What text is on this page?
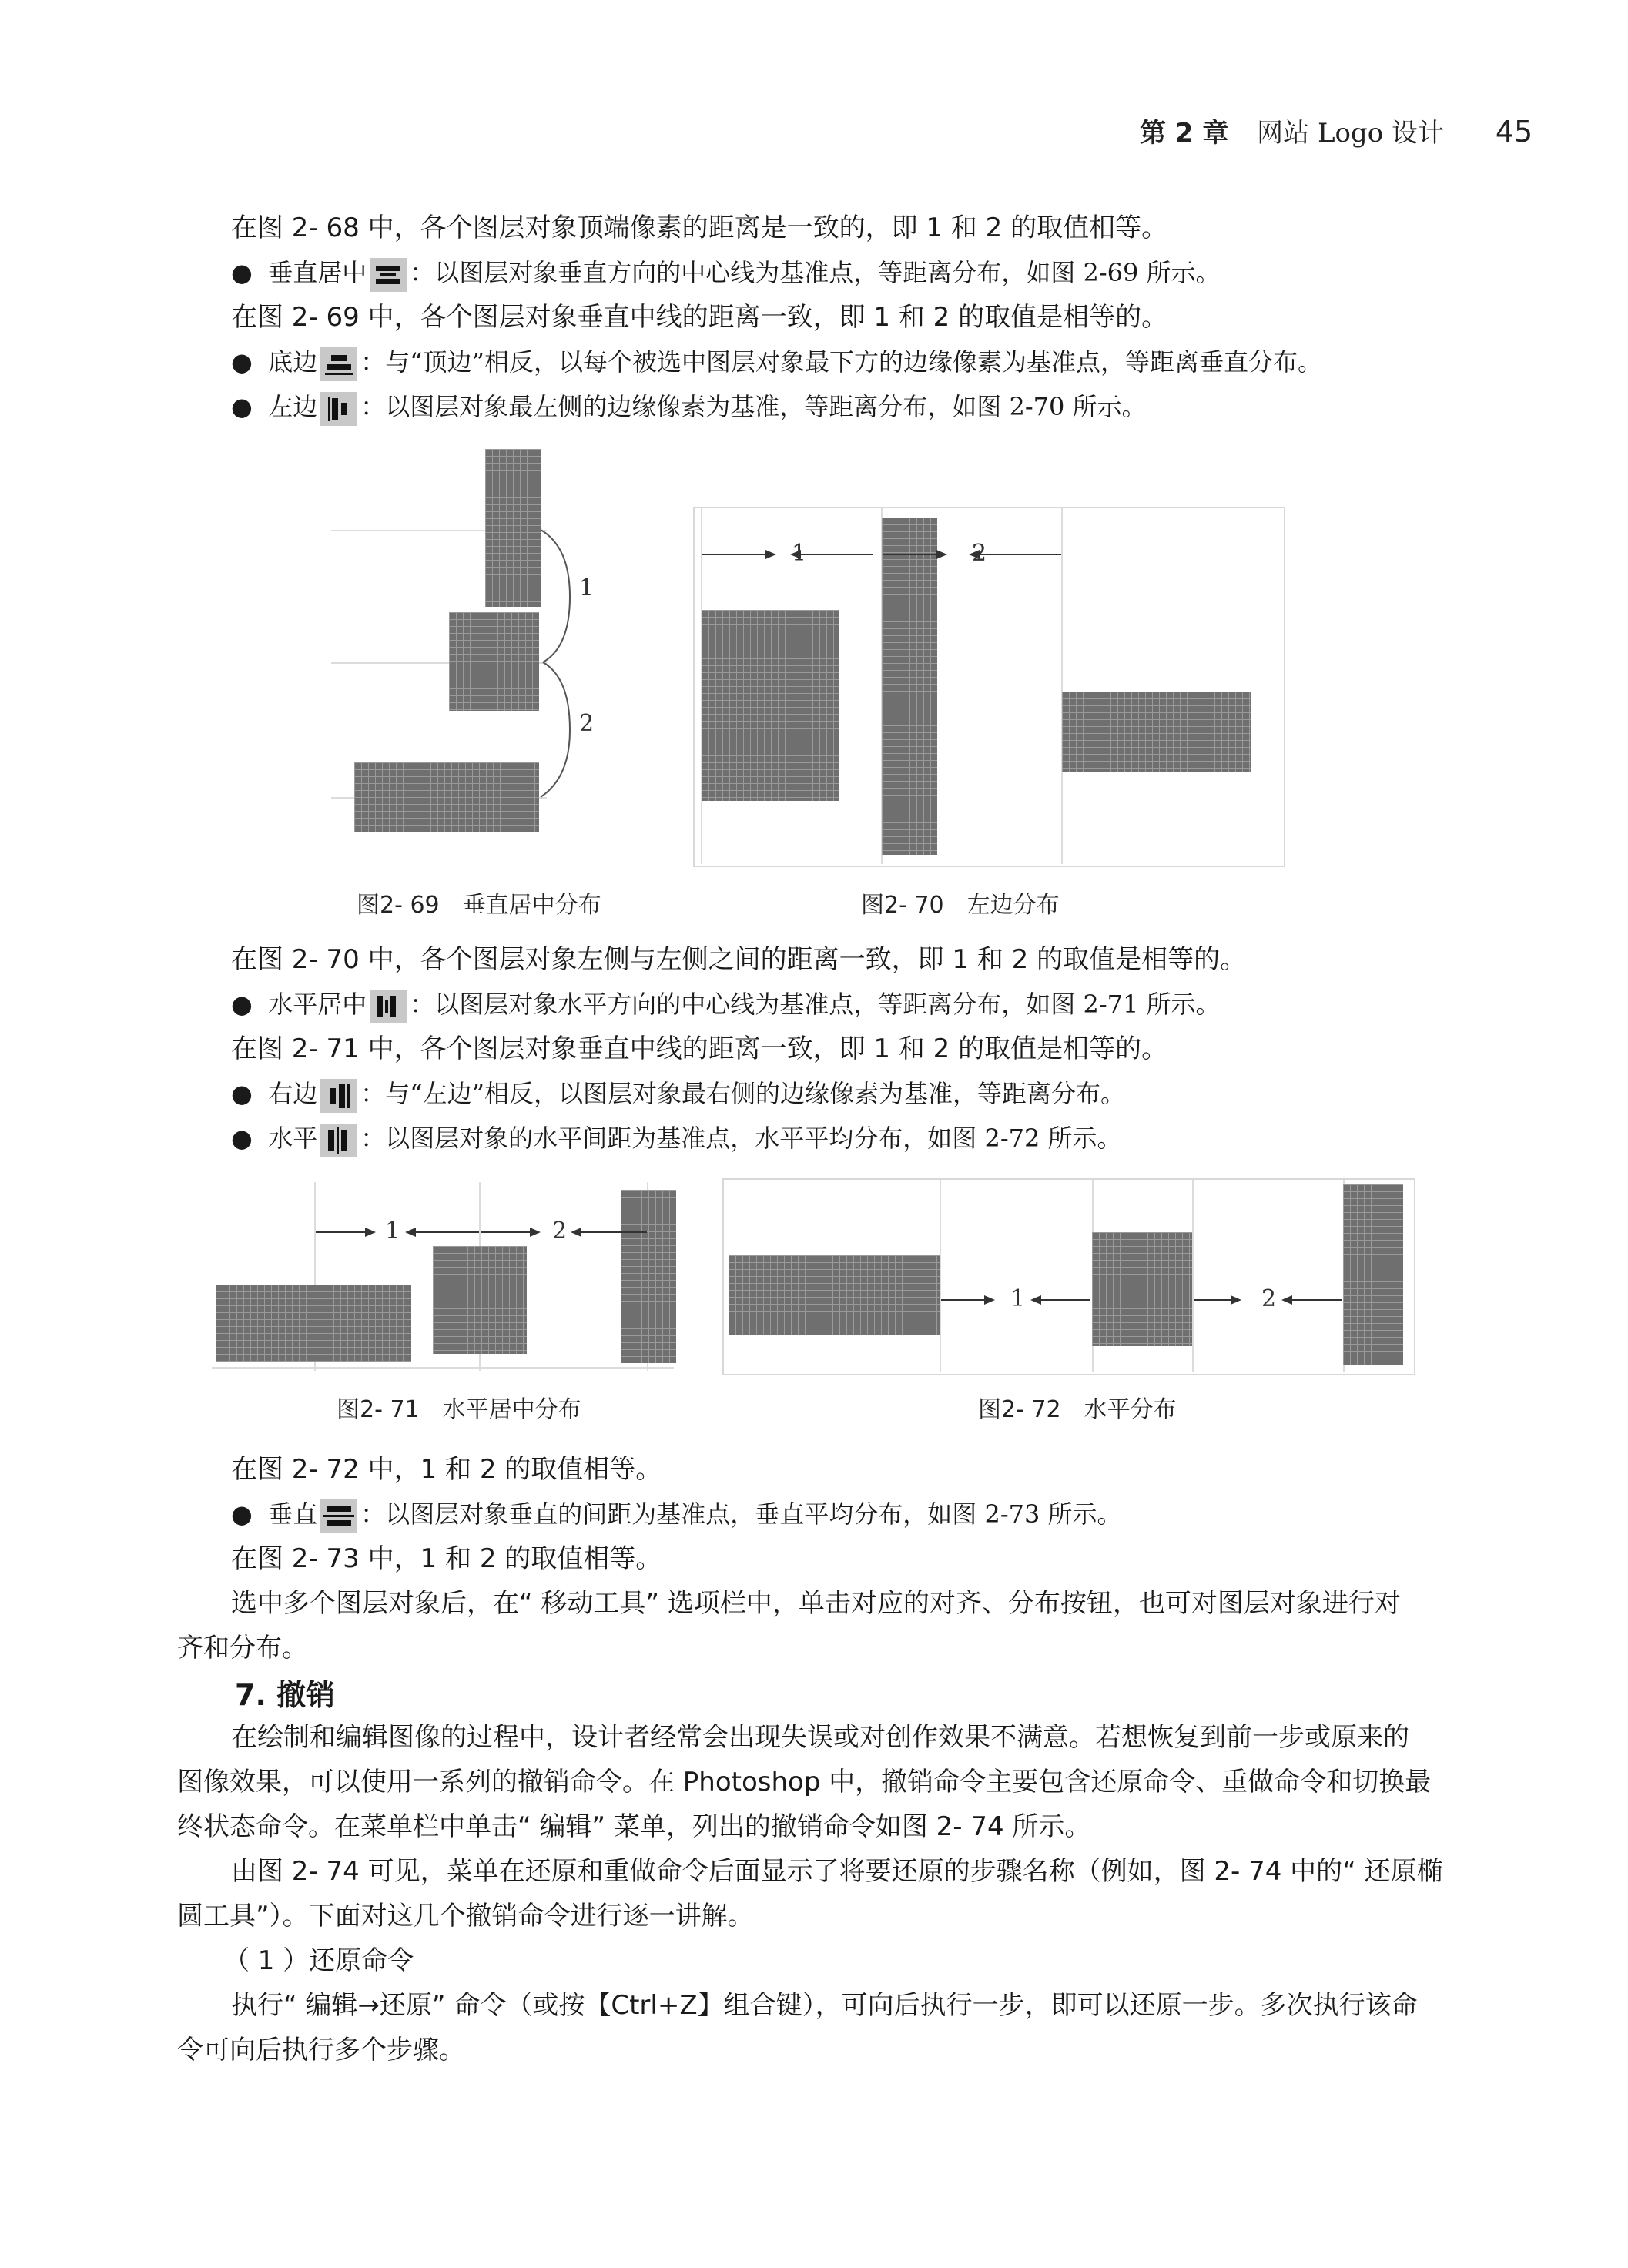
第 2 章 网站 Logo 设计 45
在图 2- 68 中，各个图层对象顶端像素的距离是一致的，即 1 和 2 的取值相等。
●  垂直居中 ：以图层对象垂直方向的中心线为基准点，等距离分布，如图 2-69 所示。
在图 2- 69 中，各个图层对象垂直中线的距离一致，即 1 和 2 的取值是相等的。
●  底边 ：与“顶边”相反，以每个被选中图层对象最下方的边缘像素为基准点，等距离垂直分布。
●  左边 ：以图层对象最左侧的边缘像素为基准，等距离分布，如图 2-70 所示。
1
2
图2- 69　垂直居中分布
1	2
图2- 70　左边分布
在图 2- 70 中，各个图层对象左侧与左侧之间的距离一致，即 1 和 2 的取值是相等的。
●  水平居中 ：以图层对象水平方向的中心线为基准点，等距离分布，如图 2-71 所示。
在图 2- 71 中，各个图层对象垂直中线的距离一致，即 1 和 2 的取值是相等的。
●  右边 ：与“左边”相反，以图层对象最右侧的边缘像素为基准，等距离分布。
●  水平 ：以图层对象的水平间距为基准点，水平平均分布，如图 2-72 所示。
1	2
图2- 71　水平居中分布
1	2
图2- 72　水平分布
在图 2- 72 中，1 和 2 的取值相等。
●  垂直 ：以图层对象垂直的间距为基准点，垂直平均分布，如图 2-73 所示。
在图 2- 73 中，1 和 2 的取值相等。
选中多个图层对象后，在“ 移动工具” 选项栏中，单击对应的对齐、分布按钮，也可对图层对象进行对
齐和分布。
7. 撤销
在绘制和编辑图像的过程中，设计者经常会出现失误或对创作效果不满意。若想恢复到前一步或原来的
图像效果，可以使用一系列的撤销命令。在 Photoshop 中，撤销命令主要包含还原命令、重做命令和切换最
终状态命令。在菜单栏中单击“ 编辑” 菜单，列出的撤销命令如图 2- 74 所示。
由图 2- 74 可见，菜单在还原和重做命令后面显示了将要还原的步骤名称（例如，图 2- 74 中的“ 还原椭
圆工具”）。下面对这几个撤销命令进行逐一讲解。
（ 1 ）还原命令
执行“ 编辑→还原” 命令（或按【Ctrl+Z】组合键），可向后执行一步，即可以还原一步。多次执行该命
令可向后执行多个步骤。
